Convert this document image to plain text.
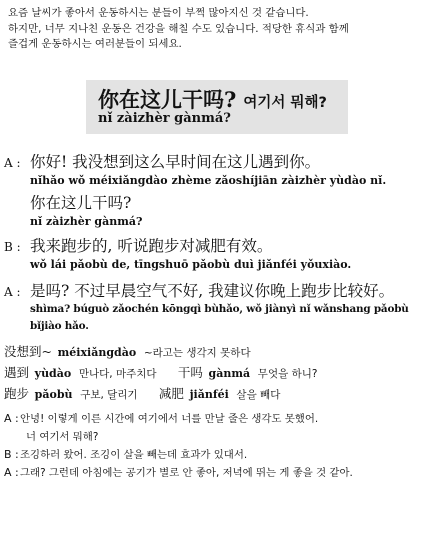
요즘 날씨가 좋아서 운동하시는 분들이 부쩍 많아지신 것 같습니다.
하지만, 너무 지나친 운동은 건강을 해칠 수도 있습니다. 적당한 휴식과 함께
즐겁게 운동하시는 여러분들이 되세요.
你在这儿干吗? 여기서 뭐해?
nǐ zàizhèr gànmá?
A : 你好! 我没想到这么早时间在这儿遇到你。
nǐhǎo wǒ méixiǎngdào zhème zǎoshíjiān zàizhèr yùdào nǐ.
你在这儿干吗?
nǐ zàizhèr gànmá?
B : 我来跑步的, 听说跑步对减肥有效。
wǒ lái pǎobù de, tīngshuō pǎobù duì jiǎnféi yǒuxiào.
A : 是吗? 不过早晨空气不好, 我建议你晚上跑步比较好。
shìma? búguò zǎochén kōngqì bùhǎo, wǒ jiànyì nǐ wǎnshang pǎobù bǐjiào hǎo.
没想到~ méixiǎngdào ~라고는 생각지 못하다
遇到 yùdào 만나다, 마주치다 干吗 gànmá 무엇을 하니?
跑步 pǎobù 구보, 달리기 减肥 jiǎnféi 살을 빼다
A : 안녕! 이렇게 이른 시간에 여기에서 너를 만날 줄은 생각도 못했어.
너 여기서 뭐해?
B : 조깅하러 왔어. 조깅이 살을 빼는데 효과가 있대서.
A : 그래? 그런데 아침에는 공기가 별로 안 좋아, 저녁에 뛰는 게 좋을 것 같아.
